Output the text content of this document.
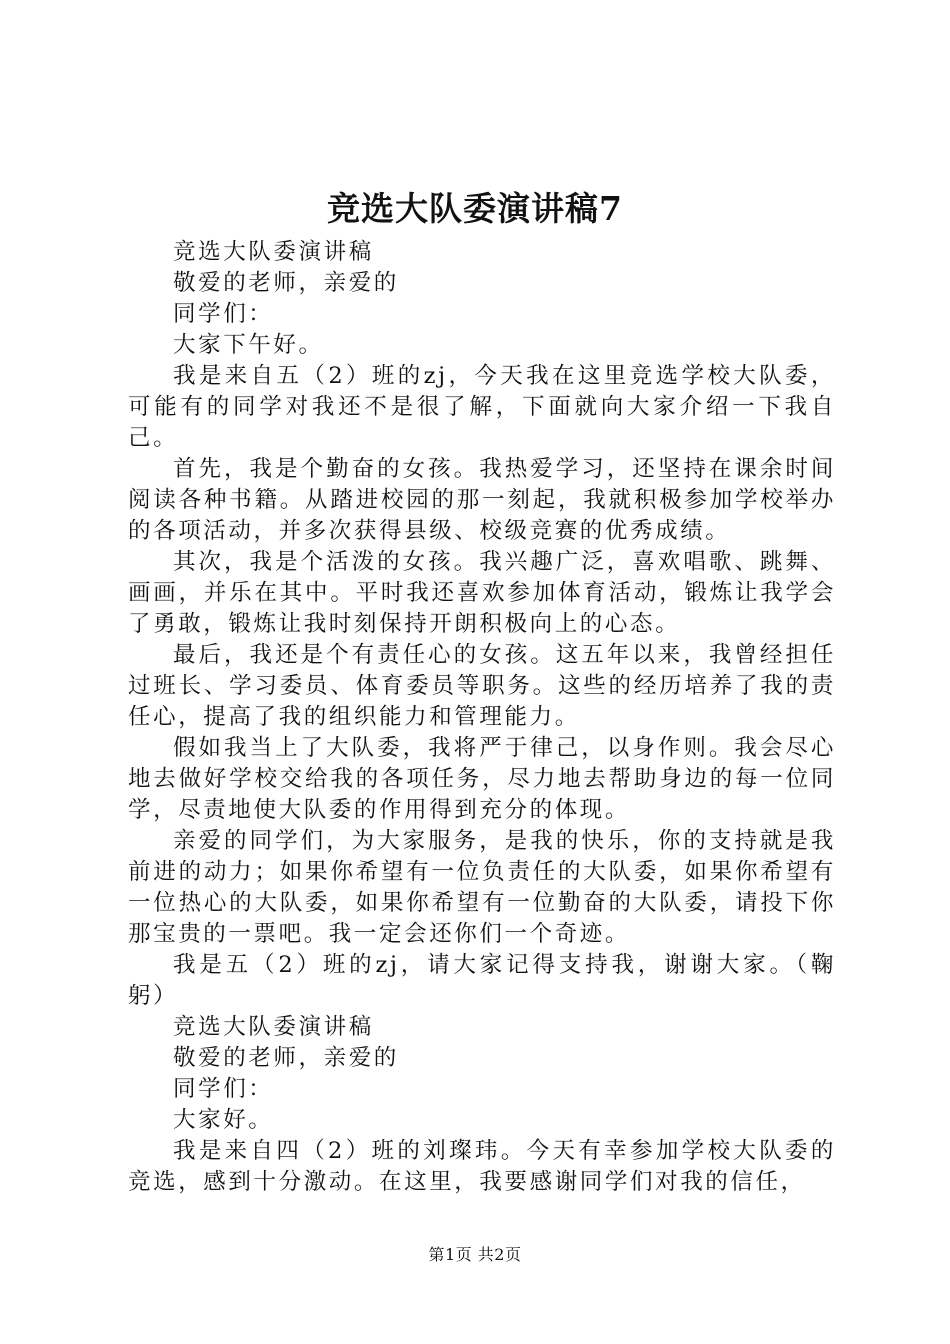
竞选大队委演讲稿7

竞选大队委演讲稿

敬爱的老师，亲爱的

同学们：

大家下午好。

我是来自五（2）班的zj，今天我在这里竞选学校大队委，可能有的同学对我还不是很了解，下面就向大家介绍一下我自己。

首先，我是个勤奋的女孩。我热爱学习，还坚持在课余时间阅读各种书籍。从踏进校园的那一刻起，我就积极参加学校举办的各项活动，并多次获得县级、校级竞赛的优秀成绩。

其次，我是个活泼的女孩。我兴趣广泛，喜欢唱歌、跳舞、画画，并乐在其中。平时我还喜欢参加体育活动，锻炼让我学会了勇敢，锻炼让我时刻保持开朗积极向上的心态。

最后，我还是个有责任心的女孩。这五年以来，我曾经担任过班长、学习委员、体育委员等职务。这些的经历培养了我的责任心，提高了我的组织能力和管理能力。

假如我当上了大队委，我将严于律己，以身作则。我会尽心地去做好学校交给我的各项任务，尽力地去帮助身边的每一位同学，尽责地使大队委的作用得到充分的体现。

亲爱的同学们，为大家服务，是我的快乐，你的支持就是我前进的动力；如果你希望有一位负责任的大队委，如果你希望有一位热心的大队委，如果你希望有一位勤奋的大队委，请投下你那宝贵的一票吧。我一定会还你们一个奇迹。

我是五（2）班的zj，请大家记得支持我，谢谢大家。（鞠躬）

竞选大队委演讲稿

敬爱的老师，亲爱的

同学们：

大家好。

我是来自四（2）班的刘璨玮。今天有幸参加学校大队委的竞选，感到十分激动。在这里，我要感谢同学们对我的信任，

第1页 共2页
